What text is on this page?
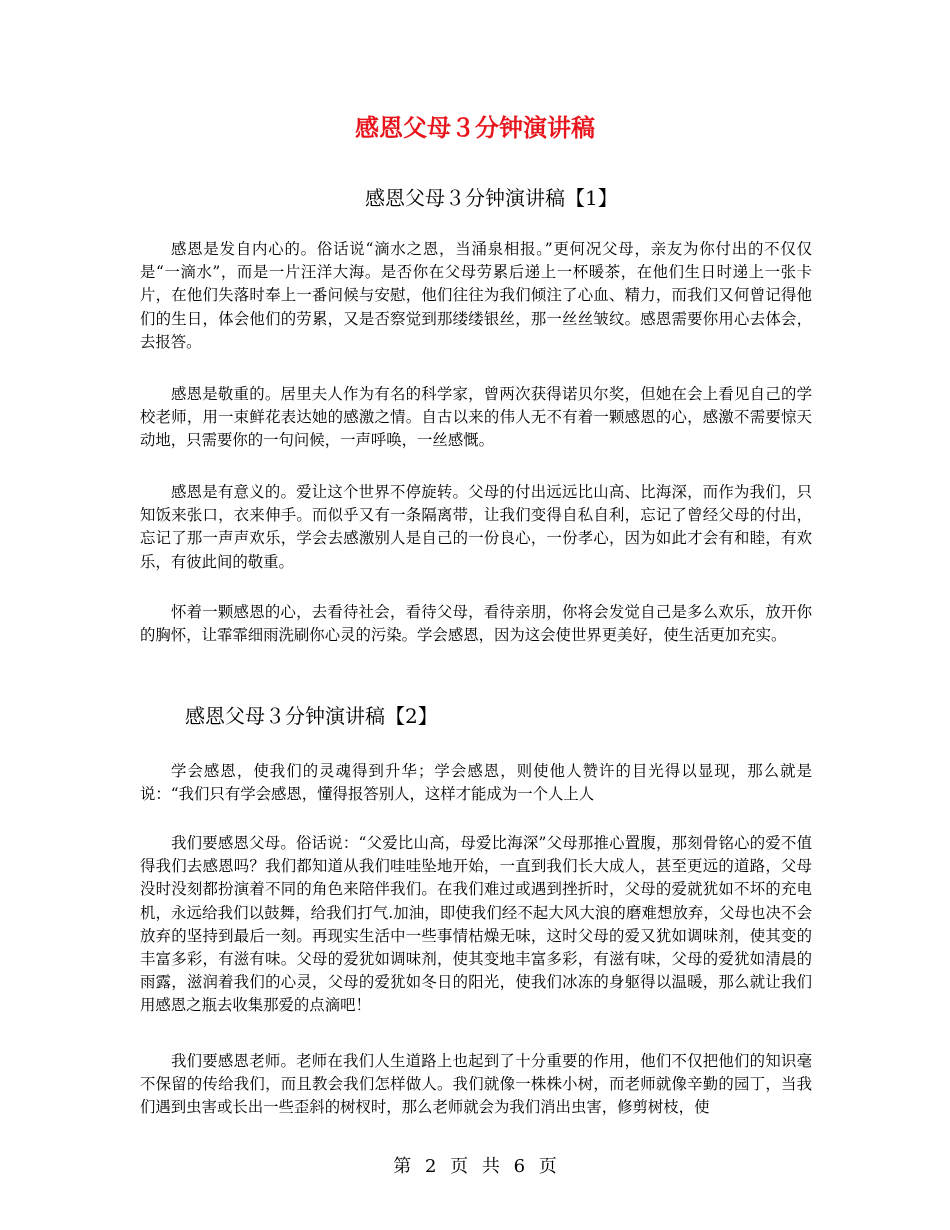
感恩父母３分钟演讲稿
感恩父母３分钟演讲稿【1】

感恩是发自内心的。俗话说“滴水之恩，当涌泉相报。”更何况父母，亲友为你付出的不仅仅是“一滴水”，而是一片汪洋大海。是否你在父母劳累后递上一杯暖茶，在他们生日时递上一张卡片，在他们失落时奉上一番问候与安慰，他们往往为我们倾注了心血、精力，而我们又何曾记得他们的生日，体会他们的劳累，又是否察觉到那缕缕银丝，那一丝丝皱纹。感恩需要你用心去体会，去报答。

感恩是敬重的。居里夫人作为有名的科学家，曾两次获得诺贝尔奖，但她在会上看见自己的学校老师，用一束鲜花表达她的感激之情。自古以来的伟人无不有着一颗感恩的心，感激不需要惊天动地，只需要你的一句问候，一声呼唤，一丝感慨。

感恩是有意义的。爱让这个世界不停旋转。父母的付出远远比山高、比海深，而作为我们，只知饭来张口，衣来伸手。而似乎又有一条隔离带，让我们变得自私自利，忘记了曾经父母的付出，忘记了那一声声欢乐，学会去感激别人是自己的一份良心，一份孝心，因为如此才会有和睦，有欢乐，有彼此间的敬重。

怀着一颗感恩的心，去看待社会，看待父母，看待亲朋，你将会发觉自己是多么欢乐，放开你的胸怀，让霏霏细雨洗刷你心灵的污染。学会感恩，因为这会使世界更美好，使生活更加充实。

感恩父母３分钟演讲稿【2】

学会感恩，使我们的灵魂得到升华；学会感恩，则使他人赞许的目光得以显现，那么就是说：“我们只有学会感恩，懂得报答别人，这样才能成为一个人上人

我们要感恩父母。俗话说：“父爱比山高，母爱比海深”父母那推心置腹，那刻骨铭心的爱不值得我们去感恩吗？我们都知道从我们哇哇坠地开始，一直到我们长大成人，甚至更远的道路，父母没时没刻都扮演着不同的角色来陪伴我们。在我们难过或遇到挫折时，父母的爱就犹如不坏的充电机，永远给我们以鼓舞，给我们打气.加油，即使我们经不起大风大浪的磨难想放弃，父母也决不会放弃的坚持到最后一刻。再现实生活中一些事情枯燥无味，这时父母的爱又犹如调味剂，使其变的丰富多彩，有滋有味。父母的爱犹如调味剂，使其变地丰富多彩，有滋有味，父母的爱犹如清晨的雨露，滋润着我们的心灵，父母的爱犹如冬日的阳光，使我们冰冻的身躯得以温暖，那么就让我们用感恩之瓶去收集那爱的点滴吧！

我们要感恩老师。老师在我们人生道路上也起到了十分重要的作用，他们不仅把他们的知识毫不保留的传给我们，而且教会我们怎样做人。我们就像一株株小树，而老师就像辛勤的园丁，当我们遇到虫害或长出一些歪斜的树杈时，那么老师就会为我们消出虫害，修剪树枝，使

第 2 页 共 6 页
